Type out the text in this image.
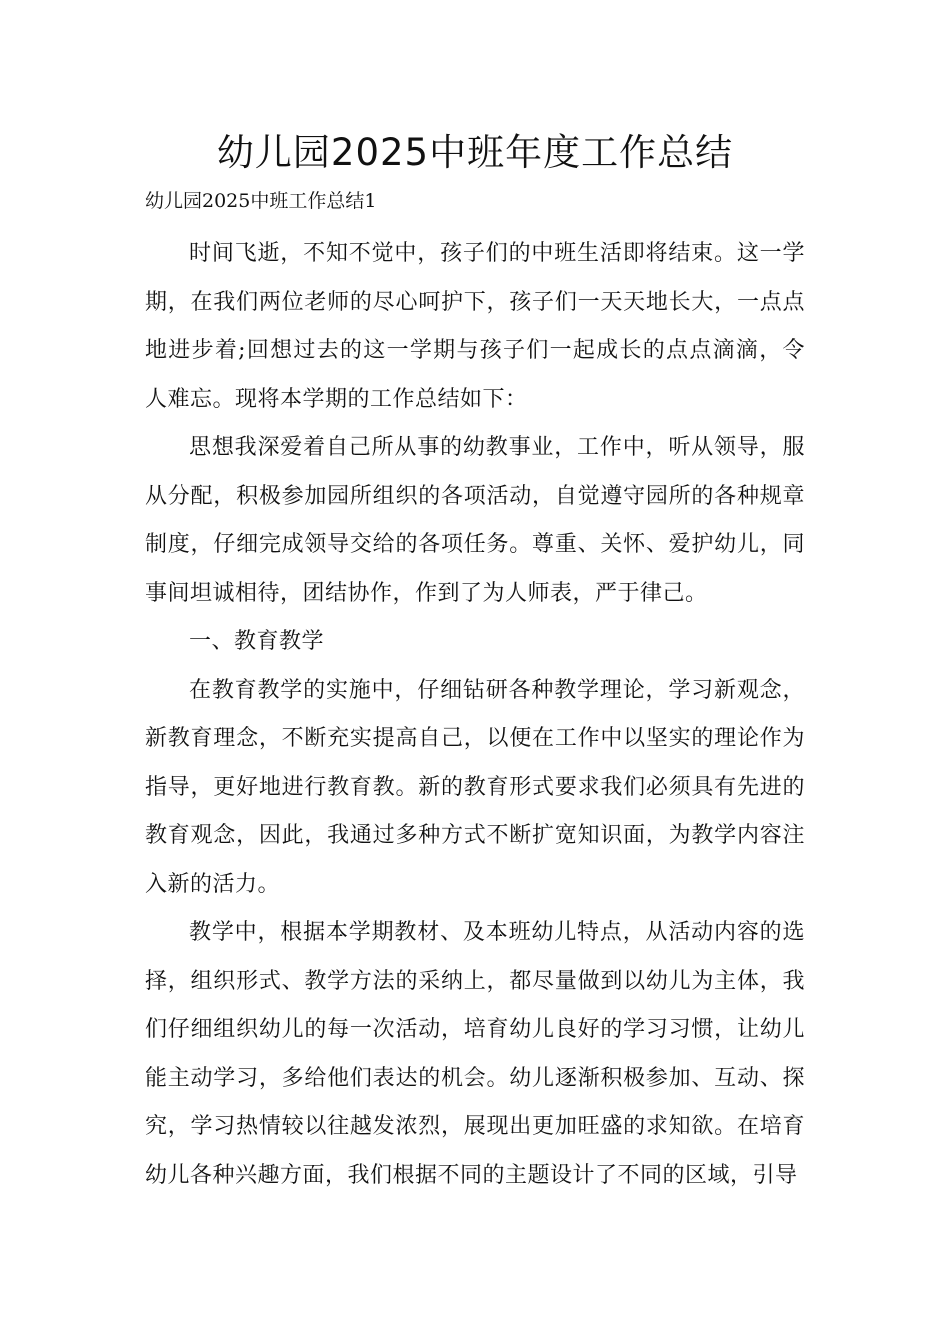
幼儿园2025中班年度工作总结

幼儿园2025中班工作总结1

时间飞逝，不知不觉中，孩子们的中班生活即将结束。这一学期，在我们两位老师的尽心呵护下，孩子们一天天地长大，一点点地进步着;回想过去的这一学期与孩子们一起成长的点点滴滴，令人难忘。现将本学期的工作总结如下：

思想我深爱着自己所从事的幼教事业，工作中，听从领导，服从分配，积极参加园所组织的各项活动，自觉遵守园所的各种规章制度，仔细完成领导交给的各项任务。尊重、关怀、爱护幼儿，同事间坦诚相待，团结协作，作到了为人师表，严于律己。

一、教育教学

在教育教学的实施中，仔细钻研各种教学理论，学习新观念，新教育理念，不断充实提高自己，以便在工作中以坚实的理论作为指导，更好地进行教育教。新的教育形式要求我们必须具有先进的教育观念，因此，我通过多种方式不断扩宽知识面，为教学内容注入新的活力。

教学中，根据本学期教材、及本班幼儿特点，从活动内容的选择，组织形式、教学方法的采纳上，都尽量做到以幼儿为主体，我们仔细组织幼儿的每一次活动，培育幼儿良好的学习习惯，让幼儿能主动学习，多给他们表达的机会。幼儿逐渐积极参加、互动、探究，学习热情较以往越发浓烈，展现出更加旺盛的求知欲。在培育幼儿各种兴趣方面，我们根据不同的主题设计了不同的区域，引导
